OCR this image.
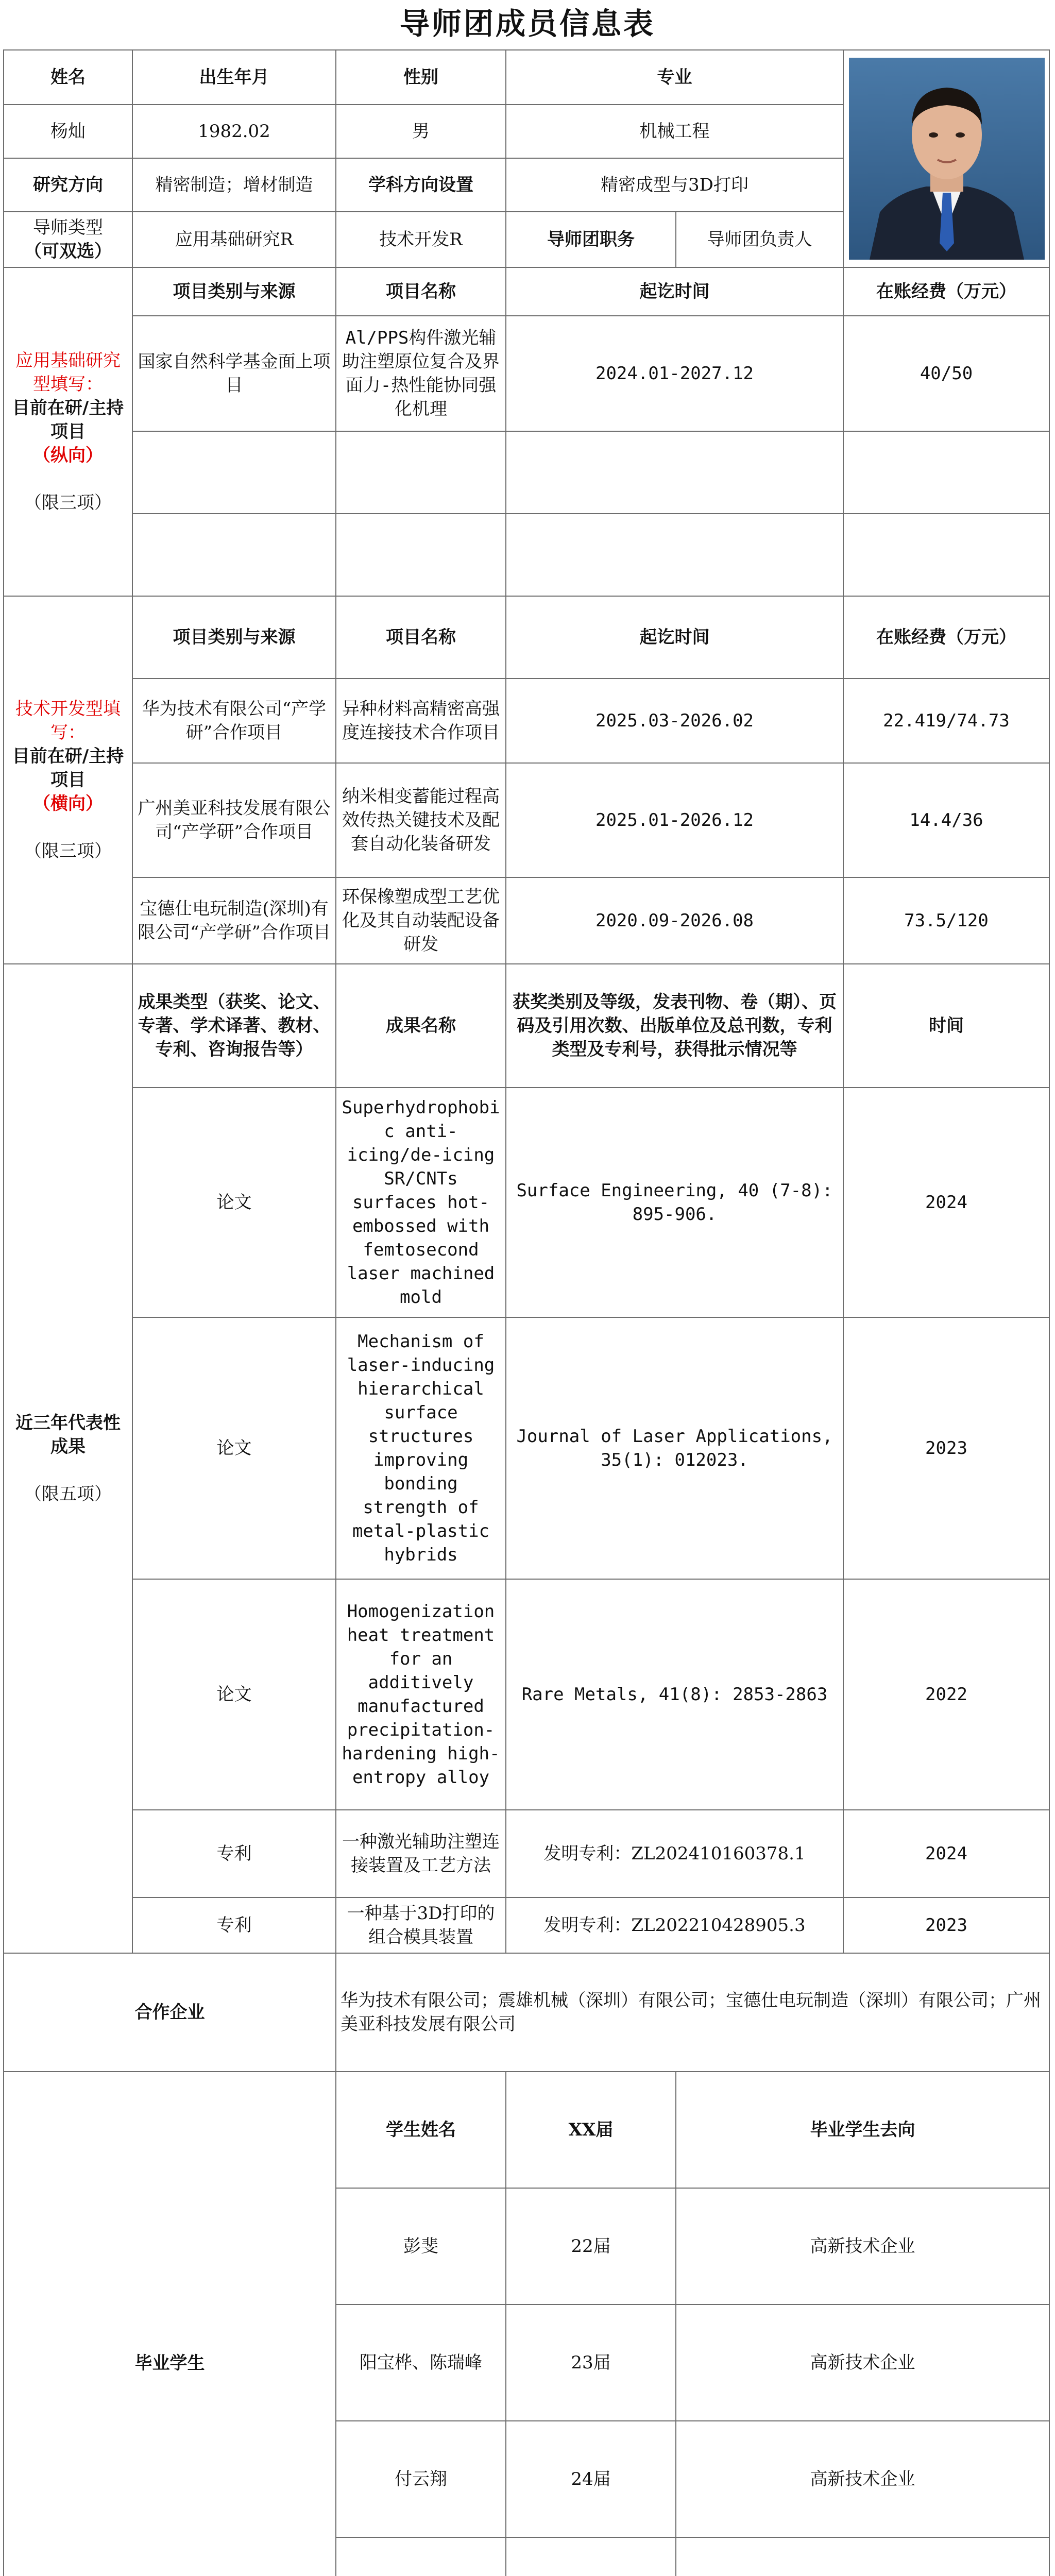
导师团成员信息表
姓名	出生年月	性别	专业	

杨灿	1982.02	男	机械工程		
研究方向	精密制造；增材制造	学科方向设置	精密成型与3D打印		

导师类型
（可双选）	应用基础研究R	技术开发R	导师团职务	导师团负责人	

应用基础研究型填写：
目前在研/主持项目
（纵向）
（限三项）	项目类别与来源	项目名称	起讫时间		在账经费（万元）
	国家自然科学基金面上项目	Al/PPS构件激光辅助注塑原位复合及界面力-热性能协同强化机理	2024.01-2027.12		40/50

技术开发型填写：
目前在研/主持项目
（横向）
（限三项）	项目类别与来源	项目名称	起讫时间		在账经费（万元）
	华为技术有限公司“产学研”合作项目	异种材料高精密高强度连接技术合作项目	2025.03-2026.02		22.419/74.73
	广州美亚科技发展有限公司“产学研”合作项目	纳米相变蓄能过程高效传热关键技术及配套自动化装备研发	2025.01-2026.12		14.4/36
	宝德仕电玩制造(深圳)有限公司“产学研”合作项目	环保橡塑成型工艺优化及其自动装配设备研发	2020.09-2026.08		73.5/120

近三年代表性成果
（限五项）	成果类型（获奖、论文、专著、学术译著、教材、专利、咨询报告等）	成果名称	获奖类别及等级，发表刊物、卷（期）、页码及引用次数、出版单位及总刊数，专利类型及专利号，获得批示情况等		时间
	论文	Superhydrophobic anti-icing/de-icing SR/CNTs surfaces hot-embossed with femtosecond laser machined mold	Surface Engineering, 40 (7-8): 895-906.		2024
	论文	Mechanism of laser-inducing hierarchical surface structures improving bonding strength of metal-plastic hybrids	Journal of Laser Applications, 35(1): 012023.		2023
	论文	Homogenization heat treatment for an additively manufactured precipitation-hardening high-entropy alloy	Rare Metals, 41(8): 2853-2863		2022
	专利	一种激光辅助注塑连接装置及工艺方法	发明专利：ZL202410160378.1		2024
	专利	一种基于3D打印的组合模具装置	发明专利：ZL202210428905.3		2023
合作企业		华为技术有限公司；震雄机械（深圳）有限公司；宝德仕电玩制造（深圳）有限公司；广州美亚科技发展有限公司			
毕业学生		学生姓名	XX届	毕业学生去向	
		彭斐	22届	高新技术企业	
		阳宝桦、陈瑞峰	23届	高新技术企业	
		付云翔	24届	高新技术企业	
